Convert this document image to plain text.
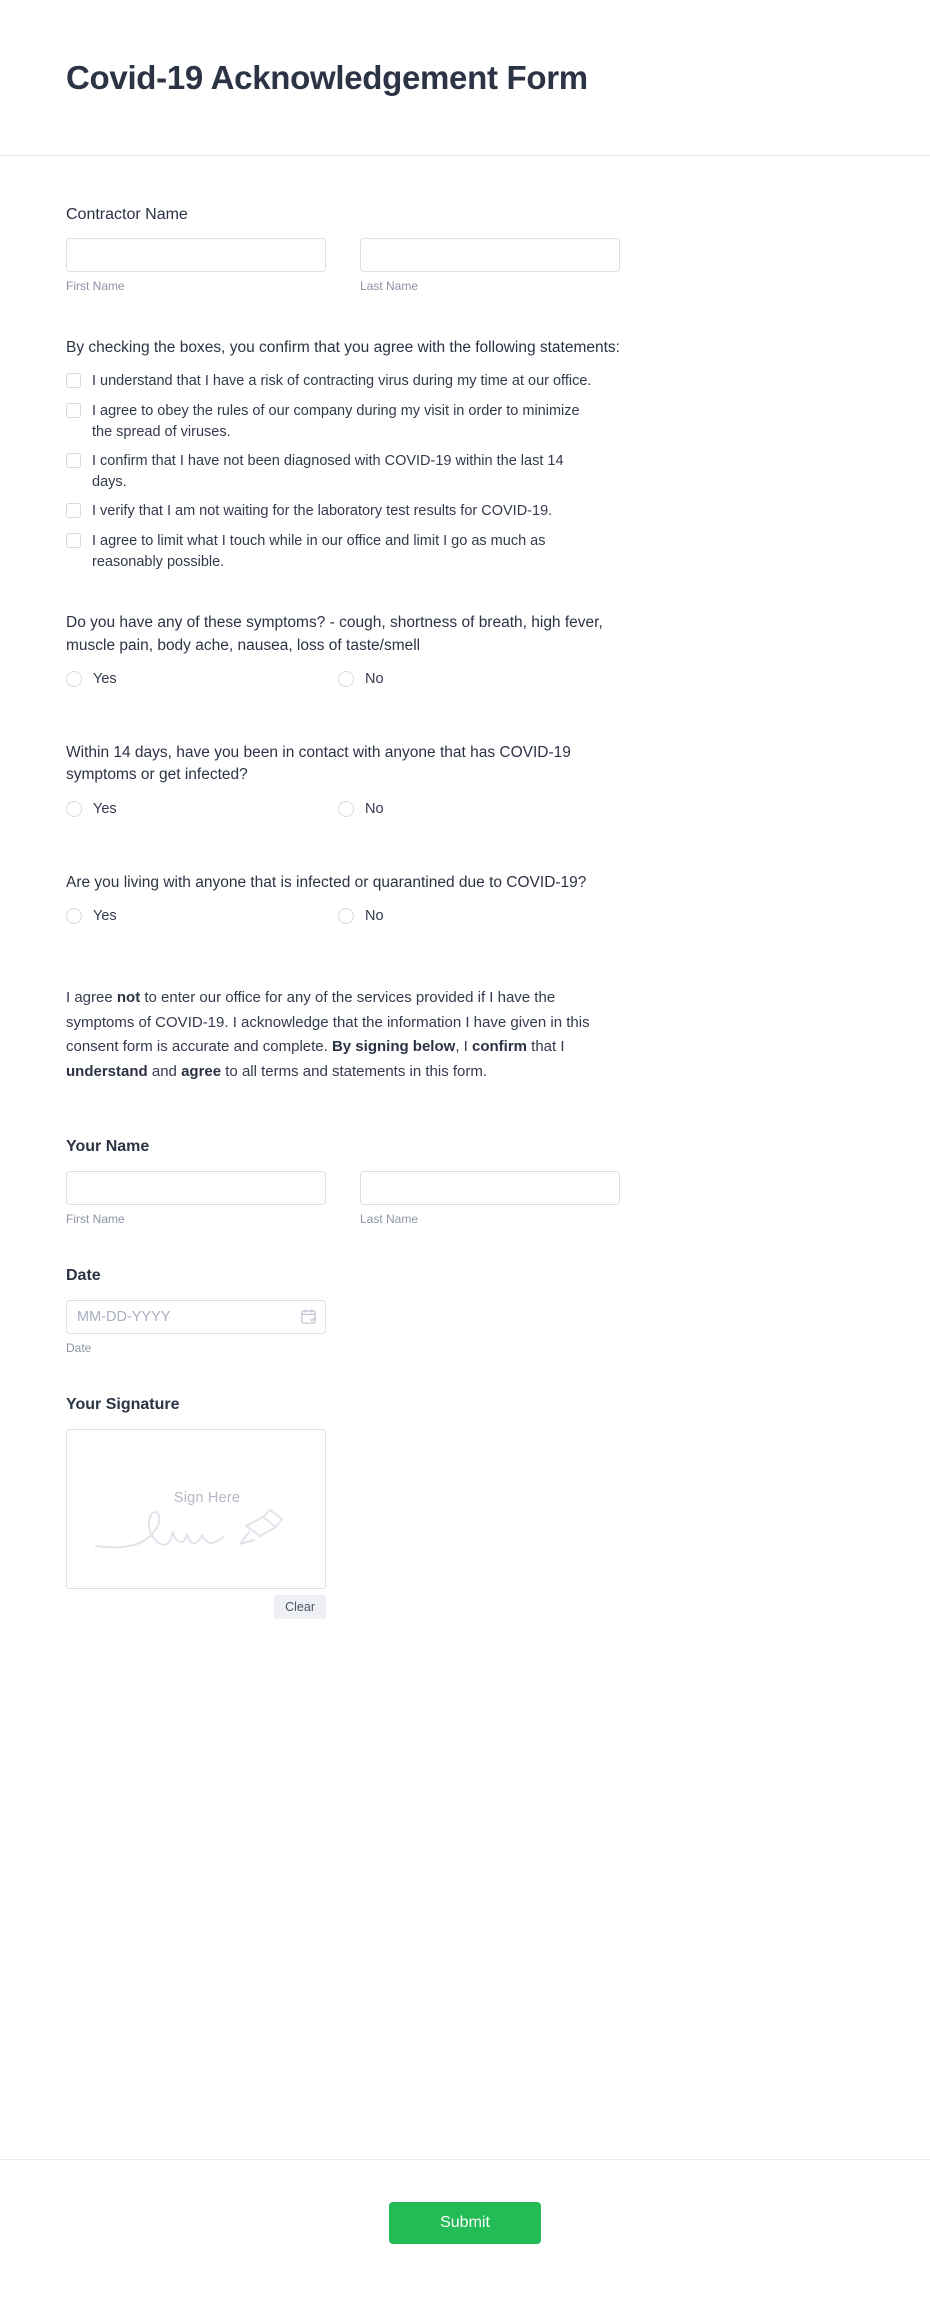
Covid-19 Acknowledgement Form
Contractor Name
First Name	Last Name
By checking the boxes, you confirm that you agree with the following statements:
I understand that I have a risk of contracting virus during my time at our office.
I agree to obey the rules of our company during my visit in order to minimize the spread of viruses.
I confirm that I have not been diagnosed with COVID-19 within the last 14 days.
I verify that I am not waiting for the laboratory test results for COVID-19.
I agree to limit what I touch while in our office and limit I go as much as reasonably possible.
Do you have any of these symptoms? - cough, shortness of breath, high fever, muscle pain, body ache, nausea, loss of taste/smell
Yes	No
Within 14 days, have you been in contact with anyone that has COVID-19 symptoms or get infected?
Yes	No
Are you living with anyone that is infected or quarantined due to COVID-19?
Yes	No
I agree not to enter our office for any of the services provided if I have the symptoms of COVID-19. I acknowledge that the information I have given in this consent form is accurate and complete. By signing below, I confirm that I understand and agree to all terms and statements in this form.
Your Name
First Name	Last Name
Date
MM-DD-YYYY
Date
Your Signature
Sign Here
Clear
Submit
